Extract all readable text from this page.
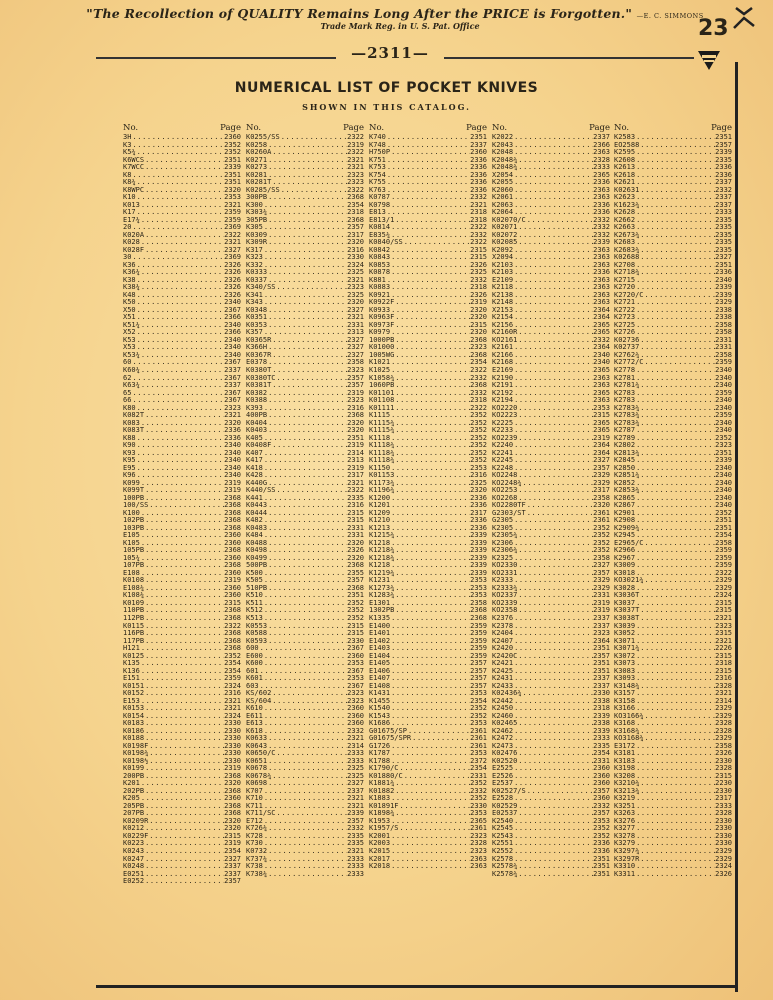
"The Recollection of QUALITY Remains Long After the PRICE is Forgotten." —E. C. SIMMONS
Trade Mark Reg. in U. S. Pat. Office	23
—2311—
NUMERICAL LIST OF POCKET KNIVES
SHOWN IN THIS CATALOG.
No.	Page
3H .....	2360
K3 .....	2352
K5¾ .....	2352
K6WCS .....	2351
K7WCC .....	2339
K8 .....	2351
K8¾ .....	2351
K8WPC .....	2320
K10 .....	2353
K013 .....	2321
K17 .....	2359
E17¾ .....	2359
20 .....	2369
K020A .....	2322
K028 .....	2321
K028F .....	2327
30 .....	2369
K36 .....	2326
K36¾ .....	2326
K38 .....	2326
K38¾ .....	2326
K48 .....	2326
K50 .....	2340
X50 .....	2367
X51 .....	2366
K51¾ .....	2340
X52 .....	2366
K53 .....	2340
X53 .....	2340
K53¾ .....	2340
60 .....	2367
K60¾ .....	2337
62 .....	2367
K63¾ .....	2337
65 .....	2367
66 .....	2367
K80 .....	2323
K082T .....	2321
K083 .....	2320
K083T .....	2336
K88 .....	2336
K90 .....	2340
K93 .....	2340
K95 .....	2340
E95 .....	2340
K96 .....	2340
K099 .....	2319
K099T .....	2319
100PB .....	2368
100/SS .....	2368
K100 .....	2368
102PB .....	2368
103PB .....	2368
E105 .....	2360
K105 .....	2360
105PB .....	2368
105¾ .....	2360
107PB .....	2368
E108 .....	2360
K0108 .....	2319
E108¾ .....	2360
K108¾ .....	2360
K0109 .....	2315
110PB .....	2368
112PB .....	2368
K0115 .....	2322
116PB .....	2368
117PB .....	2368
H121 .....	2368
K0125 .....	2352
K135 .....	2354
K136 .....	2354
E151 .....	2359
K0151 .....	2324
K0152 .....	2316
E153 .....	2321
K0153 .....	2321
K0154 .....	2324
K0183 .....	2330
K0186 .....	2330
K0188 .....	2330
K0198F .....	2330
K0198¾ .....	2330
K0198½ .....	2330
K0199 .....	2319
200PB .....	2368
K201 .....	2320
202PB .....	2368
K205 .....	2360
205PB .....	2368
207PB .....	2368
K0209R .....	2320
K0212 .....	2320
K0229F .....	2315
K0223 .....	2319
K0243 .....	2354
K0247 .....	2327
K0248 .....	2337
E0251 .....	2337
E0252 .....	2357
No.	Page
K0255/SS .....	2322
K0258 .....	2319
K0260A .....	2322
K0271 .....	2321
K0273 .....	2321
K0281 .....	2323
K0281T .....	2323
K0285/SS .....	2322
300PB .....	2368
K300 .....	2354
K303¾ .....	2318
305PB .....	2368
K305 .....	2357
K0309 .....	2317
K309R .....	2320
K317 .....	2316
K323 .....	2330
K332 .....	2324
K0333 .....	2325
K0337 .....	2321
K340/SS .....	2323
K341 .....	2325
K343 .....	2320
K0348 .....	2327
K0351 .....	2321
K0353 .....	2331
K357 .....	2313
K0365R .....	2327
K366H .....	2327
K0367R .....	2327
E0378 .....	2358
K0380T .....	2323
K0380TC .....	2357
K0381T .....	2357
K0382 .....	2319
K0388 .....	2323
K393 .....	2316
400PB .....	2368
K0404 .....	2320
K0403 .....	2320
K405 .....	2351
K0408F .....	2319
K407 .....	2314
K417 .....	2313
K418 .....	2319
K428 .....	2317
K440G .....	2321
K440/SS .....	2322
K441 .....	2335
K0443 .....	2316
K0444 .....	2315
K482 .....	2315
K0483 .....	2331
K484 .....	2331
K0488 .....	2320
K0498 .....	2326
K0499 .....	2320
500PB .....	2368
K500 .....	2355
K505 .....	2357
510PB .....	2368
K510 .....	2351
K511 .....	2352
K512 .....	2352
K513 .....	2352
K0553 .....	2315
K0588 .....	2315
K0593 .....	2330
600 .....	2367
E600 .....	2360
K600 .....	2353
601 .....	2367
K601 .....	2353
603 .....	2367
KS/602 .....	2323
KS/604 .....	2323
K610 .....	2360
E611 .....	2360
E613 .....	2360
K618 .....	2332
K0633 .....	2321
K0643 .....	2314
K0650/C .....	2333
K0651 .....	2333
K0678 .....	2325
K0678¾ .....	2325
K0698 .....	2327
K707 .....	2337
K710 .....	2321
K711 .....	2321
K711/SC .....	2339
E712 .....	2357
K726¾ .....	2332
K728 .....	2335
K730 .....	2335
K0732 .....	2321
K737¾ .....	2333
K738 .....	2333
K738¾ .....	2333
No.	Page
K740 .....	2351
K748 .....	2337
H750P .....	2360
K751 .....	2336
K753 .....	2336
K754 .....	2336
K755 .....	2336
K763 .....	2336
K0787 .....	2332
K0798 .....	2321
E813 .....	2318
E813/1 .....	2318
K0814 .....	2322
E835¾ .....	2332
K0840/SS .....	2322
K0842 .....	2315
K0843 .....	2315
K0853 .....	2326
K0878 .....	2325
K881 .....	2332
K0883 .....	2318
K0921 .....	2326
K0922F .....	2319
K0933 .....	2320
K0963F .....	2320
K0973F .....	2315
K0979 .....	2320
1000PB .....	2368
K01000 .....	2323
1005WG .....	2368
K1021 .....	2354
K1025 .....	2322
K1058¾ .....	2332
1060PB .....	2368
K01101 .....	2332
K01108 .....	2318
K01111 .....	2322
K1115 .....	2352
K1115¾ .....	2352
K1115¾ .....	2352
K1118 .....	2352
K1118¾ .....	2352
K1118¾ .....	2352
K1118¾ .....	2352
K1150 .....	2353
K01153 .....	2316
K1173¾ .....	2325
K1196¾ .....	2320
K1200 .....	2336
K1201 .....	2336
K1209 .....	2317
K1210 .....	2336
K1213 .....	2336
K1215¾ .....	2339
K1218 .....	2339
K1218¾ .....	2339
K1218¾ .....	2339
K1218 .....	2339
K1219¾ .....	2339
K1231 .....	2353
K1273¾ .....	2353
K1283¾ .....	2353
E1301 .....	2358
1302PB .....	2368
K1335 .....	2368
E1400 .....	2359
E1401 .....	2359
E1402 .....	2359
E1403 .....	2359
E1404 .....	2359
E1405 .....	2357
E1406 .....	2357
E1407 .....	2357
E1408 .....	2357
K1431 .....	2353
K1455 .....	2354
K1540 .....	2352
K1543 .....	2352
K1686 .....	2353
G01675/SP .....	2361
G01675/SPR .....	2361
G1726 .....	2361
K1787 .....	2353
K1788 .....	2372
K1790/C .....	2354
K01880/C .....	2331
K1881¾ .....	2352
K01882 .....	2332
K1883 .....	2352
K01891F .....	2330
K1898¾ .....	2353
K1953 .....	2365
K1957/S .....	2361
K2001 .....	2323
K2003 .....	2328
K2015 .....	2323
K2017 .....	2363
K2018 .....	2363
No.	Page
K2022 .....	2337
K2043 .....	2366
K2048 .....	2363
K2048¾ .....	2328
K2048¾ .....	2333
X2054 .....	2365
K2055 .....	2336
K2060 .....	2363
K2061 .....	2363
K2063 .....	2336
K2064 .....	2336
K02070/C .....	2332
K02071 .....	2332
K02072 .....	2332
K02085 .....	2339
K2092 .....	2363
X2094 .....	2363
K2103 .....	2363
K2103 .....	2336
E2109 .....	2363
K2118 .....	2363
K2138 .....	2363
K2148 .....	2363
X2153 .....	2364
K2154 .....	2364
K2156 .....	2365
K2160R .....	2365
KO2161 .....	2332
K2161 .....	2364
K2166 .....	2340
K2168 .....	2340
E2169 .....	2365
K2190 .....	2363
K2191 .....	2363
K2192 .....	2365
K2194 .....	2363
KO2220 .....	2353
KO2223 .....	2315
K2225 .....	2365
K2233 .....	2365
KO2239 .....	2319
K2240 .....	2364
K2241 .....	2364
K2245 .....	2327
K2248 .....	2357
KO2248 .....	2329
KO2248¾ .....	2329
KO2253 .....	2317
KO2268 .....	2358
KO2280TF .....	2320
G2303/ST .....	2361
G2305 .....	2361
K2305 .....	2352
K2305¾ .....	2352
K2306 .....	2352
K2306¾ .....	2352
K2325 .....	2358
KO2330 .....	2327
KO2331 .....	2357
K2333 .....	2329
K2333¾ .....	2329
KO2337 .....	2331
KO2339 .....	2319
KO2358 .....	2319
K2376 .....	2337
K2378 .....	2337
K2404 .....	2323
K2407 .....	2364
K2420 .....	2351
K2420C .....	2357
K2421 .....	2351
K2425 .....	2351
K2431 .....	2337
K2433 .....	2337
K02436¾ .....	2330
K2442 .....	2338
K2450 .....	2318
K2460 .....	2339
K02465 .....	2338
K2462 .....	2339
K2472 .....	2333
K2473 .....	2335
K02476 .....	2354
K02520 .....	2331
E2525 .....	2360
E2526 .....	2360
E2537 .....	2360
K02527/S .....	2357
E2528 .....	2360
K02529 .....	2332
E02537 .....	2357
K2540 .....	2353
K2545 .....	2352
K2543 .....	2352
K2551 .....	2336
K2552 .....	2336
K2578 .....	2351
K2578¾ .....	2351
K2578¾ .....	2351
No.	Page
K2583 .....	2351
EO2588 .....	2357
K2595 .....	2339
K2608 .....	2335
K2613 .....	2336
K2618 .....	2336
K2621 .....	2337
K02631 .....	2332
K2623 .....	2337
K1623¾ .....	2337
K2628 .....	2333
K2662 .....	2335
K2663 .....	2335
K2673¾ .....	2335
K2683 .....	2335
K2683¾ .....	2335
K02688 .....	2327
K2708 .....	2351
K2718¾ .....	2336
K2715 .....	2340
K2720 .....	2339
K2720/C .....	2339
K2721 .....	2329
K2722 .....	2338
K2723 .....	2338
K2725 .....	2358
K2726 .....	2358
K02736 .....	2331
K02737 .....	2331
K2762¾ .....	2358
K2772/C .....	2359
K2778 .....	2340
K2781 .....	2340
K2781¾ .....	2340
K2783 .....	2359
K2783 .....	2340
K2783¾ .....	2340
K2783¾ .....	2359
K2783¾ .....	2340
K2787 .....	2340
K2789 .....	2352
K2802 .....	2323
K2813¾ .....	2351
K2845 .....	2339
K2850 .....	2340
K2851¾ .....	2340
K2852 .....	2340
K2853¾ .....	2340
K2865 .....	2340
K2867 .....	2340
K2901 .....	2352
K2908 .....	2351
K2909¾ .....	2351
K2945 .....	2354
E2965/C .....	2358
K2966 .....	2359
K2967 .....	2359
K3009 .....	2359
K3018 .....	2322
KO3021¾ .....	2329
K3028 .....	2329
K3036T .....	2324
K3037 .....	2315
K3037T .....	2315
K3038T .....	2321
K3039 .....	2323
K3052 .....	2315
K3071 .....	2321
K3071¾ .....	2226
K3072 .....	2315
K3073 .....	2318
K3083 .....	2315
K3093 .....	2316
K3148¾ .....	2328
K3157 .....	2321
K3158 .....	2314
K3166 .....	2329
KO3166¾ .....	2329
K3168 .....	2328
K3168¾ .....	2328
KO3168¾ .....	2329
E3172 .....	2358
K3181 .....	2326
K3183 .....	2330
K3198 .....	2328
K3208 .....	2315
K3210¾ .....	2230
K3213¾ .....	2330
K3219 .....	2317
K3251 .....	2333
K3263 .....	2328
K3276 .....	2330
K3277 .....	2330
K3278 .....	2330
K3279 .....	2330
K3297¾ .....	2329
K3297R .....	2329
K3310 .....	2324
K3311 .....	2326
